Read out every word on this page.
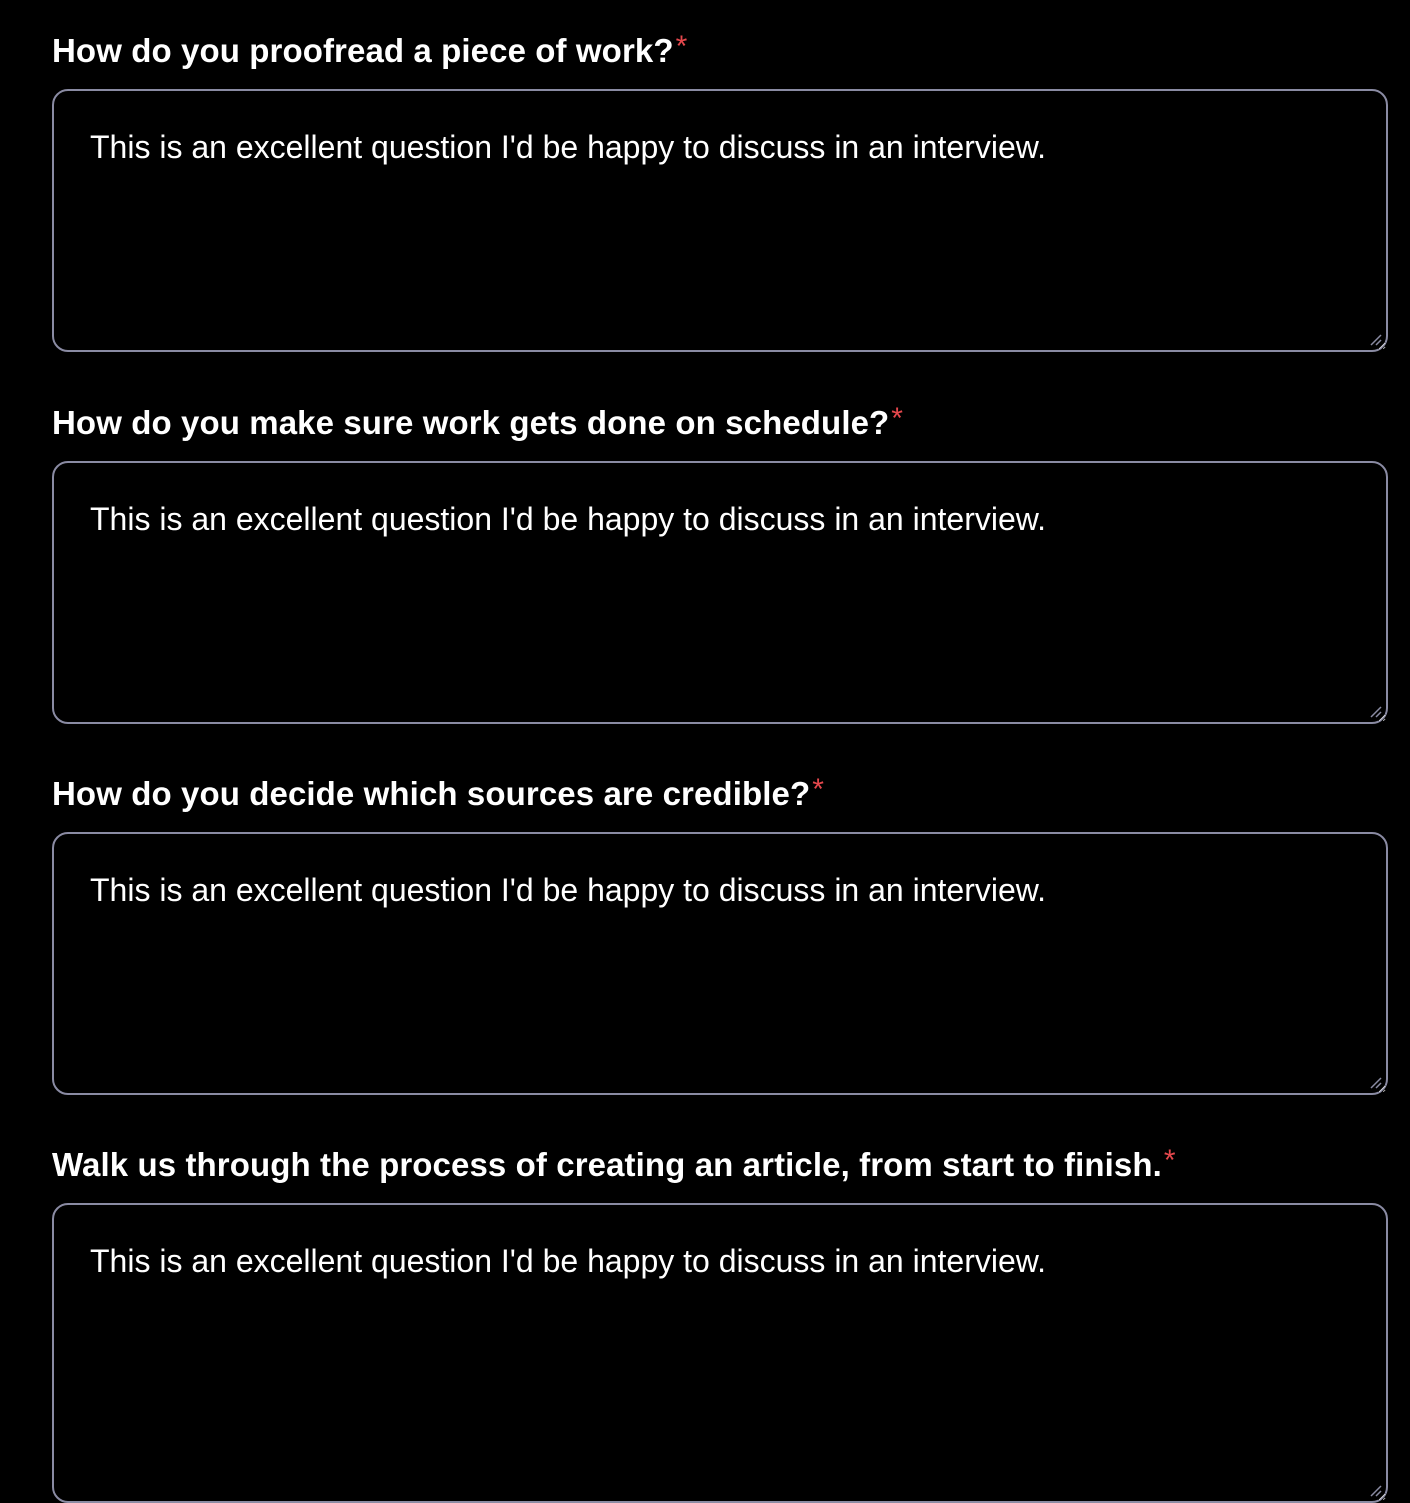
How do you proofread a piece of work?*
This is an excellent question I'd be happy to discuss in an interview.
How do you make sure work gets done on schedule?*
This is an excellent question I'd be happy to discuss in an interview.
How do you decide which sources are credible?*
This is an excellent question I'd be happy to discuss in an interview.
Walk us through the process of creating an article, from start to finish.*
This is an excellent question I'd be happy to discuss in an interview.
